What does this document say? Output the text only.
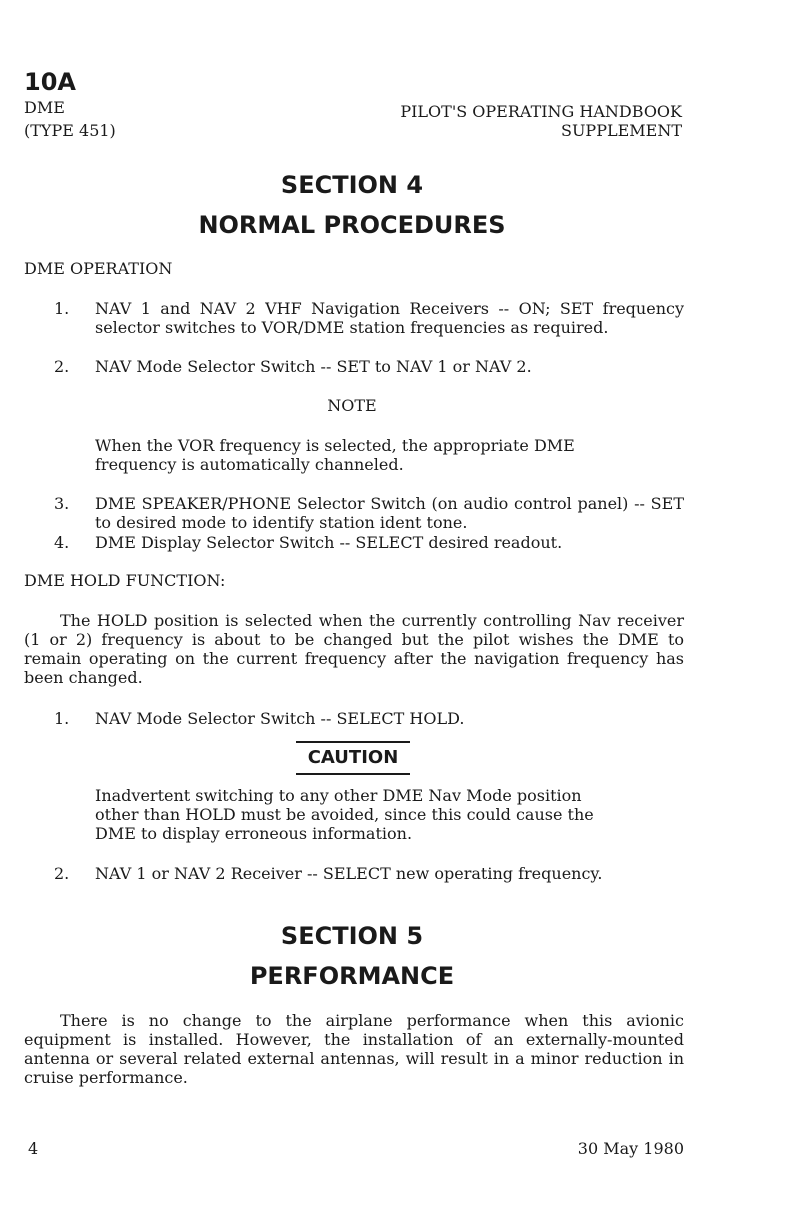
10A
DME
(TYPE 451)
PILOT'S OPERATING HANDBOOK
SUPPLEMENT
SECTION 4
NORMAL PROCEDURES
DME OPERATION
1.	NAV 1 and NAV 2 VHF Navigation Receivers -- ON; SET frequency selector switches to VOR/DME station frequencies as required.
2.	NAV Mode Selector Switch -- SET to NAV 1 or NAV 2.
NOTE
When the VOR frequency is selected, the appropriate DME frequency is automatically channeled.
3.	DME SPEAKER/PHONE Selector Switch (on audio control panel) -- SET to desired mode to identify station ident tone.
4.	DME Display Selector Switch -- SELECT desired readout.
DME HOLD FUNCTION:
The HOLD position is selected when the currently controlling Nav receiver (1 or 2) frequency is about to be changed but the pilot wishes the DME to remain operating on the current frequency after the navigation frequency has been changed.
1.	NAV Mode Selector Switch -- SELECT HOLD.
CAUTION
Inadvertent switching to any other DME Nav Mode position other than HOLD must be avoided, since this could cause the DME to display erroneous information.
2.	NAV 1 or NAV 2 Receiver -- SELECT new operating frequency.
SECTION 5
PERFORMANCE
There is no change to the airplane performance when this avionic equipment is installed. However, the installation of an externally-mounted antenna or several related external antennas, will result in a minor reduction in cruise performance.
4	30 May 1980
